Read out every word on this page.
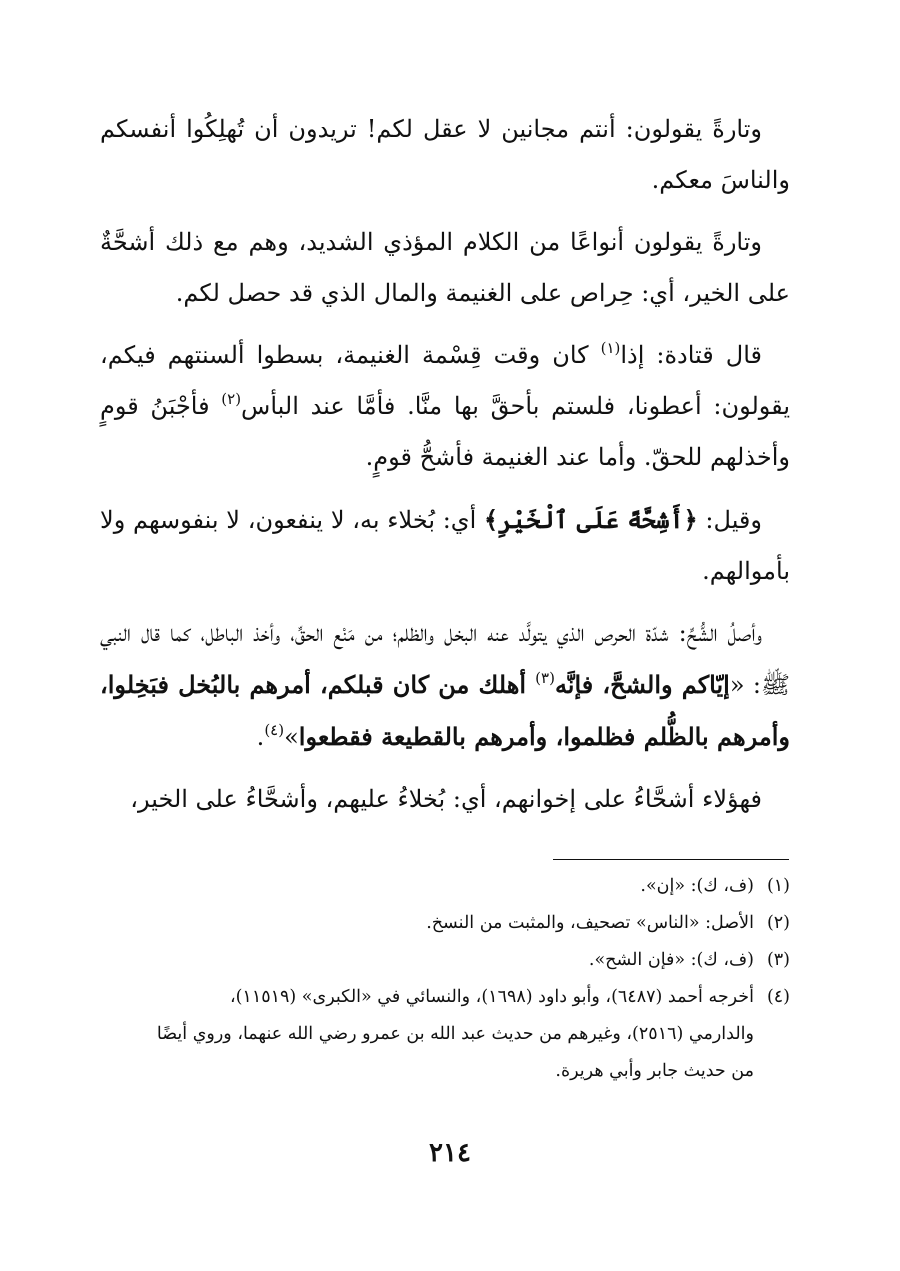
وتارةً يقولون: أنتم مجانين لا عقل لكم! تريدون أن تُهلِكُوا أنفسكم والناسَ معكم.

وتارةً يقولون أنواعًا من الكلام المؤذي الشديد، وهم مع ذلك أشحَّةٌ على الخير، أي: حِراص على الغنيمة والمال الذي قد حصل لكم.

قال قتادة: إذا$^{(١)}$ كان وقت قِسْمة الغنيمة، بسطوا ألسنتهم فيكم، يقولون: أعطونا، فلستم بأحقَّ بها منَّا. فأمَّا عند البأس$^{(٢)}$ فأجْبَنُ قومٍ وأخذلهم للحقّ. وأما عند الغنيمة فأشحُّ قومٍ.

وقيل: ﴿أَشِحَّةً عَلَى ٱلْخَيْرِ﴾ أي: بُخلاء به، لا ينفعون، لا بنفوسهم ولا بأموالهم.

وأصلُ الشُّحِّ: شدّة الحرص الذي يتولَّد عنه البخل والظلم؛ من مَنْع الحقِّ، وأخذ الباطل، كما قال النبي ﷺ: «إيّاكم والشحَّ، فإنَّه$^{(٣)}$ أهلك من كان قبلكم، أمرهم بالبُخل فبَخِلوا، وأمرهم بالظُّلم فظلموا، وأمرهم بالقطيعة فقطعوا»$^{(٤)}$.

فهؤلاء أشحَّاءُ على إخوانهم، أي: بُخلاءُ عليهم، وأشحَّاءُ على الخير،

(١)(ف، ك): «إن».

(٢)الأصل: «الناس» تصحيف، والمثبت من النسخ.

(٣)(ف، ك): «فإن الشح».

(٤)أخرجه أحمد (٦٤٨٧)، وأبو داود (١٦٩٨)، والنسائي في «الكبرى» (١١٥١٩)،

والدارمي (٢٥١٦)، وغيرهم من حديث عبد الله بن عمرو رضي الله عنهما، وروي أيضًا

من حديث جابر وأبي هريرة.

٢١٤
